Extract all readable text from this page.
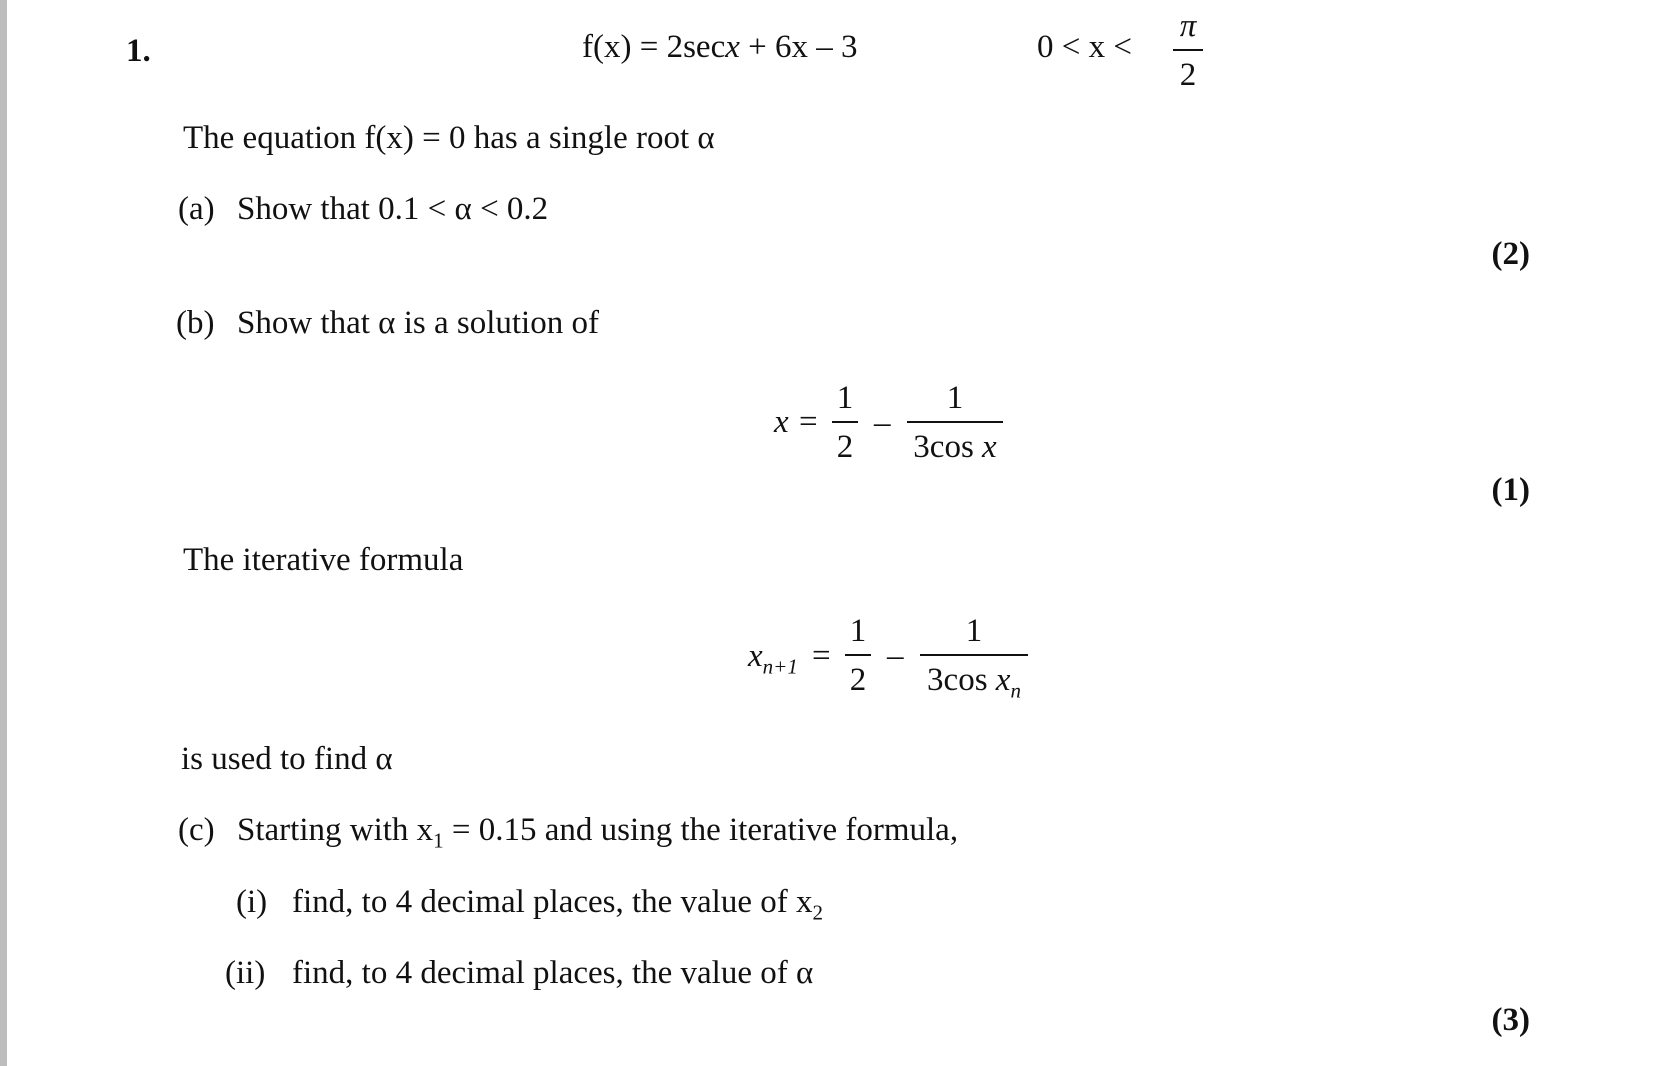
1.	f(x) = 2secx + 6x – 3	0 < x <
π
2
The equation f(x) = 0 has a single root α
(a) Show that 0.1 < α < 0.2
(2)
(b) Show that α is a solution of
x =
1
2
–
1
3cos x
(1)
The iterative formula
$x_{n+1}$ =
1
2
–
1
3cos $x_n$
is used to find α
(c) Starting with $x_1 = 0.15$ and using the iterative formula,
(i) find, to 4 decimal places, the value of $x_2$
(ii) find, to 4 decimal places, the value of α
(3)
